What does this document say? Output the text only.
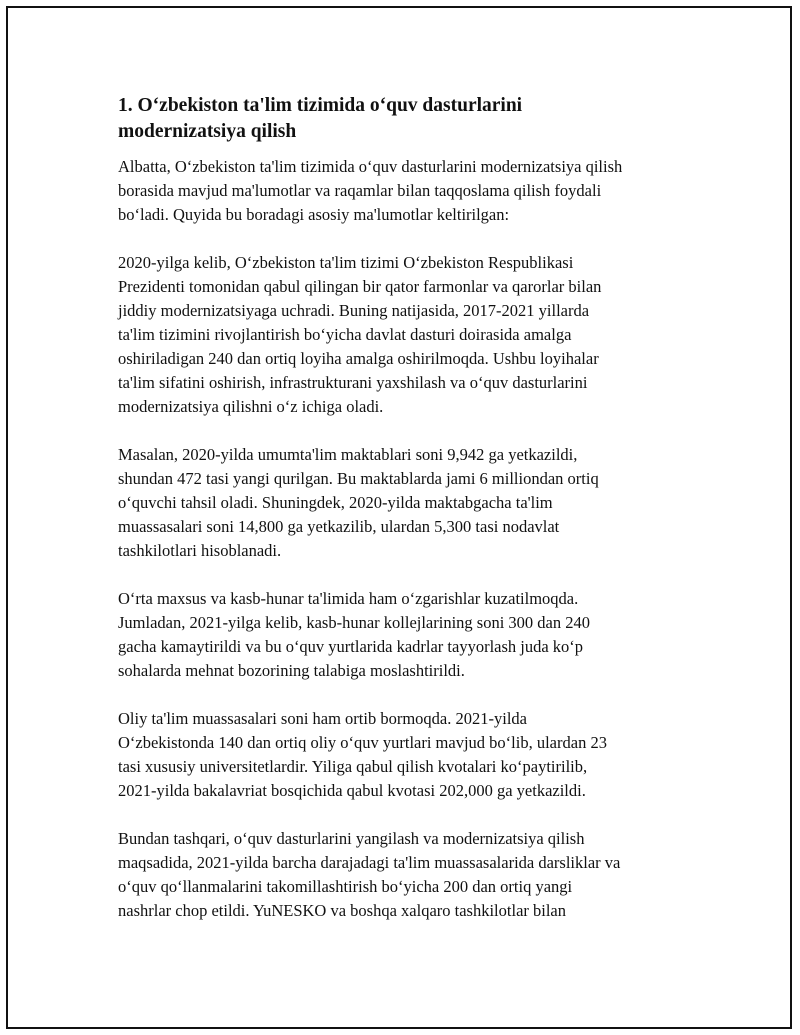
1. O‘zbekiston ta'lim tizimida o‘quv dasturlarini
modernizatsiya qilish

Albatta, O‘zbekiston ta'lim tizimida o‘quv dasturlarini modernizatsiya qilish
borasida mavjud ma'lumotlar va raqamlar bilan taqqoslama qilish foydali
bo‘ladi. Quyida bu boradagi asosiy ma'lumotlar keltirilgan:

2020-yilga kelib, O‘zbekiston ta'lim tizimi O‘zbekiston Respublikasi
Prezidenti tomonidan qabul qilingan bir qator farmonlar va qarorlar bilan
jiddiy modernizatsiyaga uchradi. Buning natijasida, 2017-2021 yillarda
ta'lim tizimini rivojlantirish bo‘yicha davlat dasturi doirasida amalga
oshiriladigan 240 dan ortiq loyiha amalga oshirilmoqda. Ushbu loyihalar
ta'lim sifatini oshirish, infrastrukturani yaxshilash va o‘quv dasturlarini
modernizatsiya qilishni o‘z ichiga oladi.

Masalan, 2020-yilda umumta'lim maktablari soni 9,942 ga yetkazildi,
shundan 472 tasi yangi qurilgan. Bu maktablarda jami 6 milliondan ortiq
o‘quvchi tahsil oladi. Shuningdek, 2020-yilda maktabgacha ta'lim
muassasalari soni 14,800 ga yetkazilib, ulardan 5,300 tasi nodavlat
tashkilotlari hisoblanadi.

O‘rta maxsus va kasb-hunar ta'limida ham o‘zgarishlar kuzatilmoqda.
Jumladan, 2021-yilga kelib, kasb-hunar kollejlarining soni 300 dan 240
gacha kamaytirildi va bu o‘quv yurtlarida kadrlar tayyorlash juda ko‘p
sohalarda mehnat bozorining talabiga moslashtirildi.

Oliy ta'lim muassasalari soni ham ortib bormoqda. 2021-yilda
O‘zbekistonda 140 dan ortiq oliy o‘quv yurtlari mavjud bo‘lib, ulardan 23
tasi xususiy universitetlardir. Yiliga qabul qilish kvotalari ko‘paytirilib,
2021-yilda bakalavriat bosqichida qabul kvotasi 202,000 ga yetkazildi.

Bundan tashqari, o‘quv dasturlarini yangilash va modernizatsiya qilish
maqsadida, 2021-yilda barcha darajadagi ta'lim muassasalarida darsliklar va
o‘quv qo‘llanmalarini takomillashtirish bo‘yicha 200 dan ortiq yangi
nashrlar chop etildi. YuNESKO va boshqa xalqaro tashkilotlar bilan
